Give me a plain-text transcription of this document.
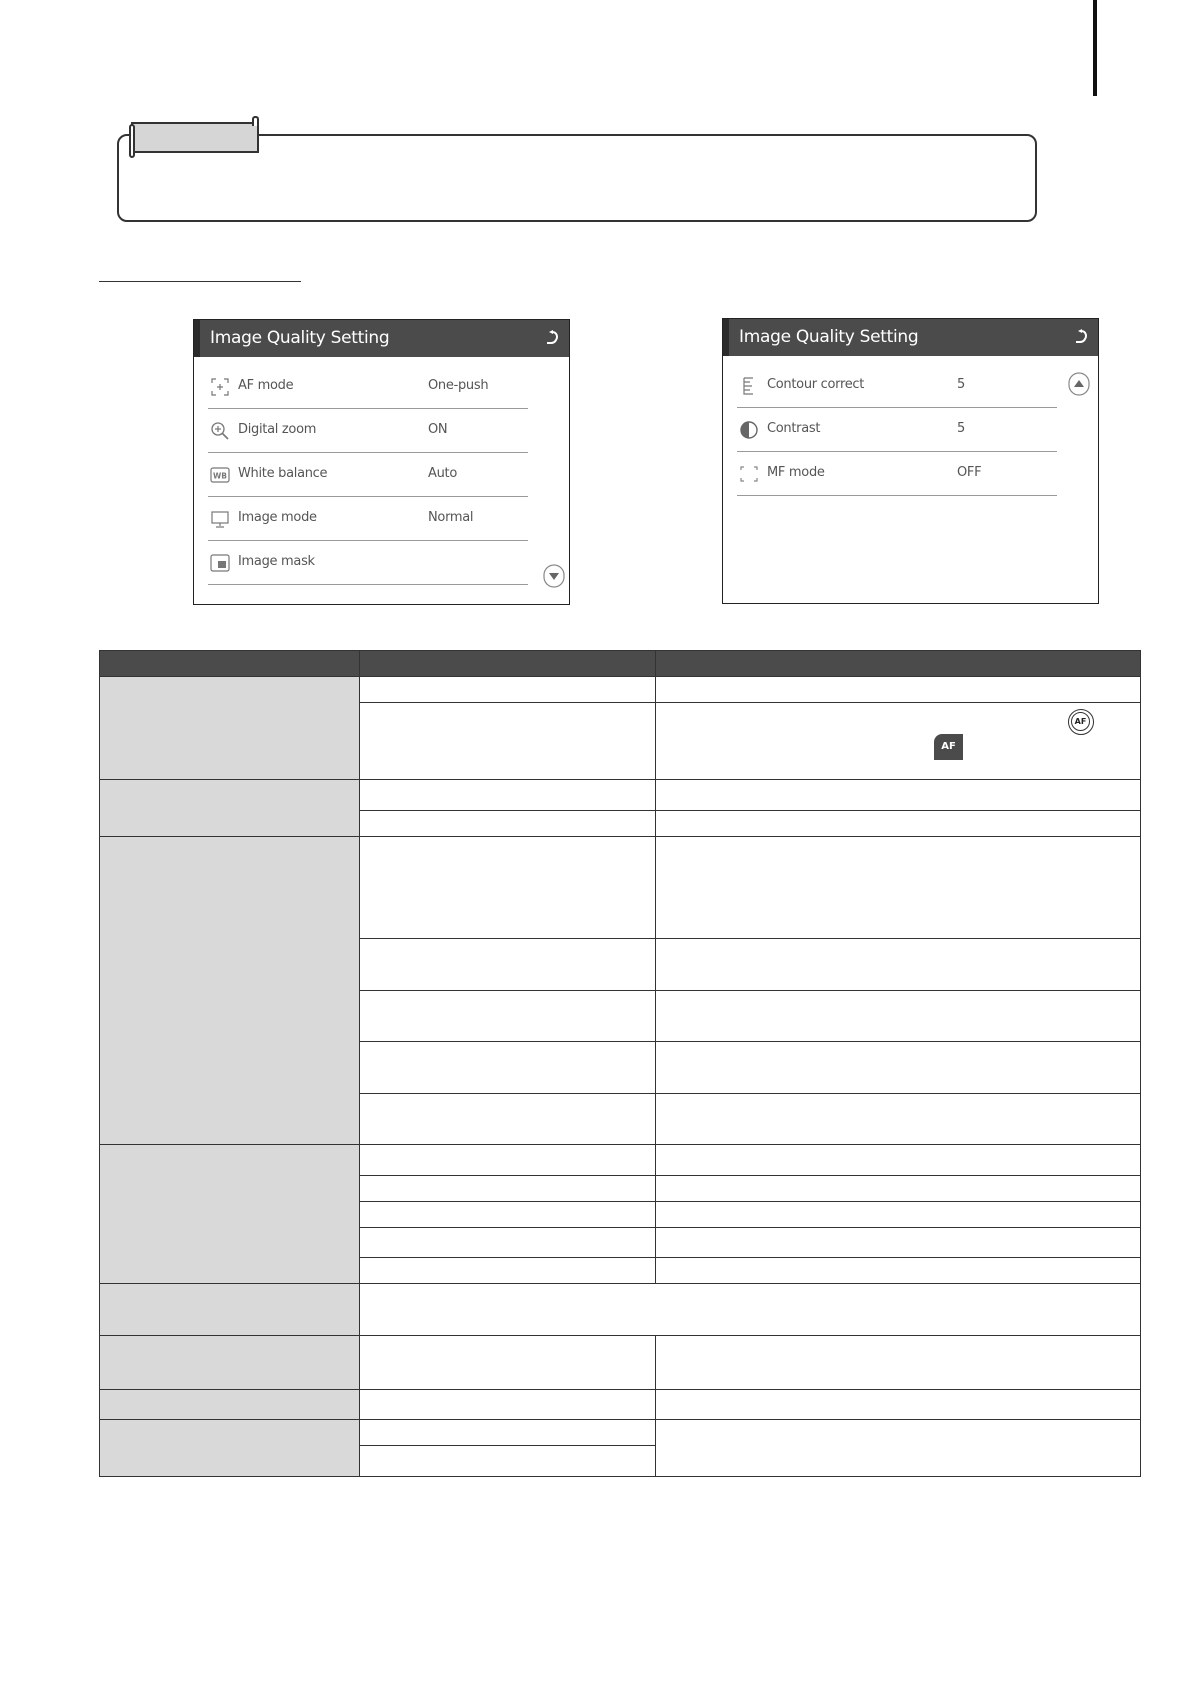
Image Quality Setting
AF mode	One-push
Digital zoom	ON
WB White balance	Auto
Image mode	Normal
Image mask
Image Quality Setting
Contour correct	5
Contrast	5
MF mode	OFF

		AF
AF
